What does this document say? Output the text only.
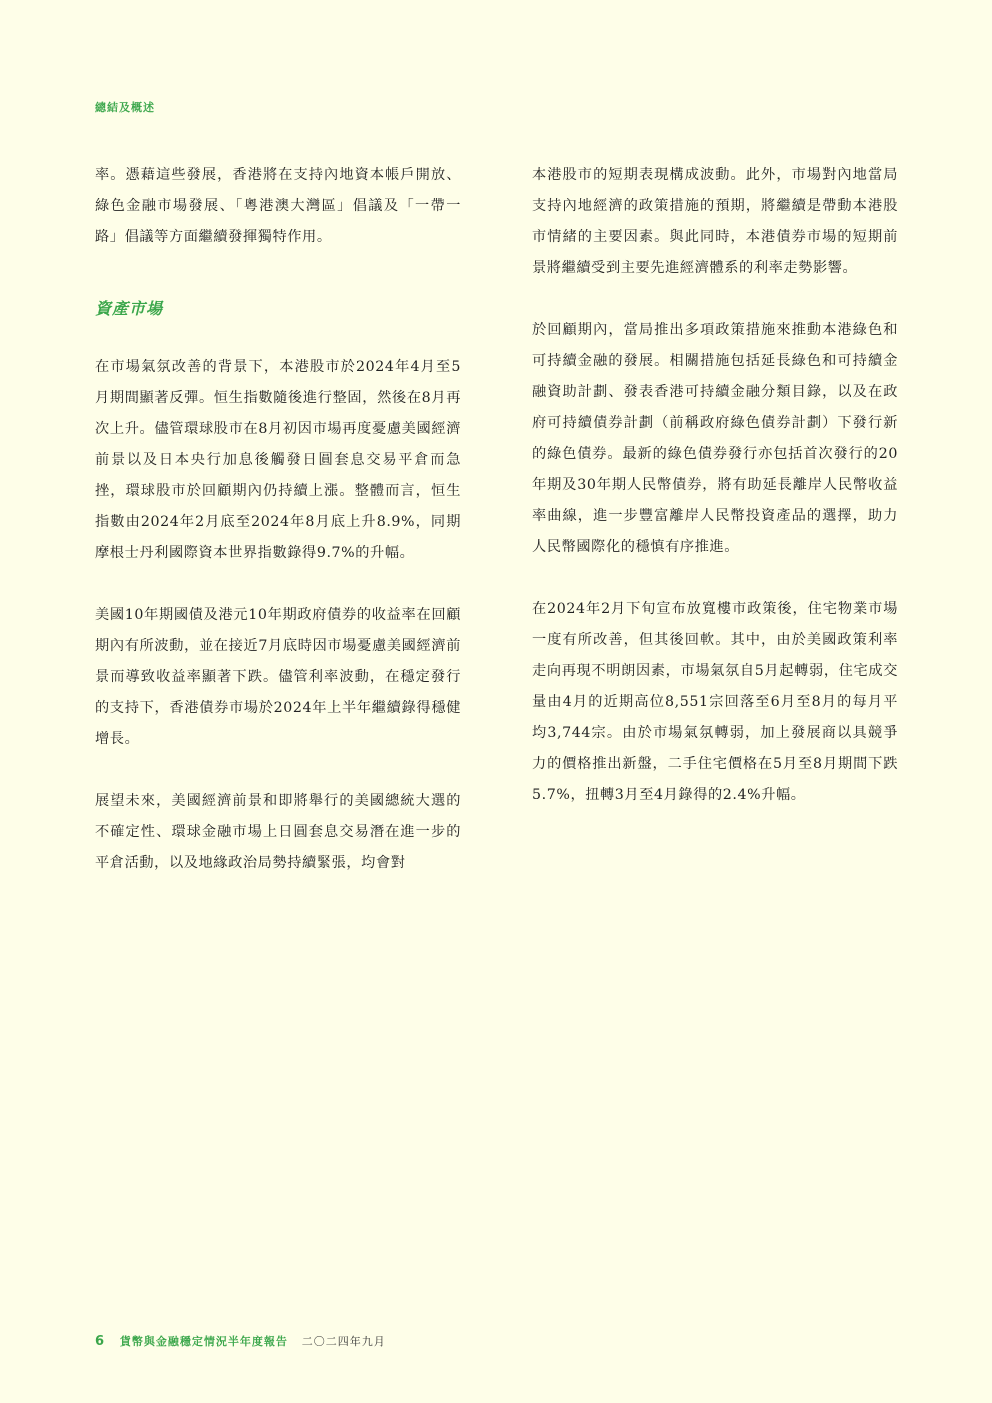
總結及概述

率。憑藉這些發展，香港將在支持內地資本帳戶開放、綠色金融市場發展、「粵港澳大灣區」倡議及「一帶一路」倡議等方面繼續發揮獨特作用。

資產市場

在市場氣氛改善的背景下，本港股市於2024年4月至5月期間顯著反彈。恒生指數隨後進行整固，然後在8月再次上升。儘管環球股市在8月初因市場再度憂慮美國經濟前景以及日本央行加息後觸發日圓套息交易平倉而急挫，環球股市於回顧期內仍持續上漲。整體而言，恒生指數由2024年2月底至2024年8月底上升8.9%，同期摩根士丹利國際資本世界指數錄得9.7%的升幅。

美國10年期國債及港元10年期政府債券的收益率在回顧期內有所波動，並在接近7月底時因市場憂慮美國經濟前景而導致收益率顯著下跌。儘管利率波動，在穩定發行的支持下，香港債券市場於2024年上半年繼續錄得穩健增長。

展望未來，美國經濟前景和即將舉行的美國總統大選的不確定性、環球金融市場上日圓套息交易潛在進一步的平倉活動，以及地緣政治局勢持續緊張，均會對

本港股市的短期表現構成波動。此外，市場對內地當局支持內地經濟的政策措施的預期，將繼續是帶動本港股市情緒的主要因素。與此同時，本港債券市場的短期前景將繼續受到主要先進經濟體系的利率走勢影響。

於回顧期內，當局推出多項政策措施來推動本港綠色和可持續金融的發展。相關措施包括延長綠色和可持續金融資助計劃、發表香港可持續金融分類目錄，以及在政府可持續債券計劃（前稱政府綠色債券計劃）下發行新的綠色債券。最新的綠色債券發行亦包括首次發行的20年期及30年期人民幣債券，將有助延長離岸人民幣收益率曲線，進一步豐富離岸人民幣投資產品的選擇，助力人民幣國際化的穩慎有序推進。

在2024年2月下旬宣布放寬樓市政策後，住宅物業市場一度有所改善，但其後回軟。其中，由於美國政策利率走向再現不明朗因素，市場氣氛自5月起轉弱，住宅成交量由4月的近期高位8,551宗回落至6月至8月的每月平均3,744宗。由於市場氣氛轉弱，加上發展商以具競爭力的價格推出新盤，二手住宅價格在5月至8月期間下跌5.7%，扭轉3月至4月錄得的2.4%升幅。

6 貨幣與金融穩定情況半年度報告 二〇二四年九月
